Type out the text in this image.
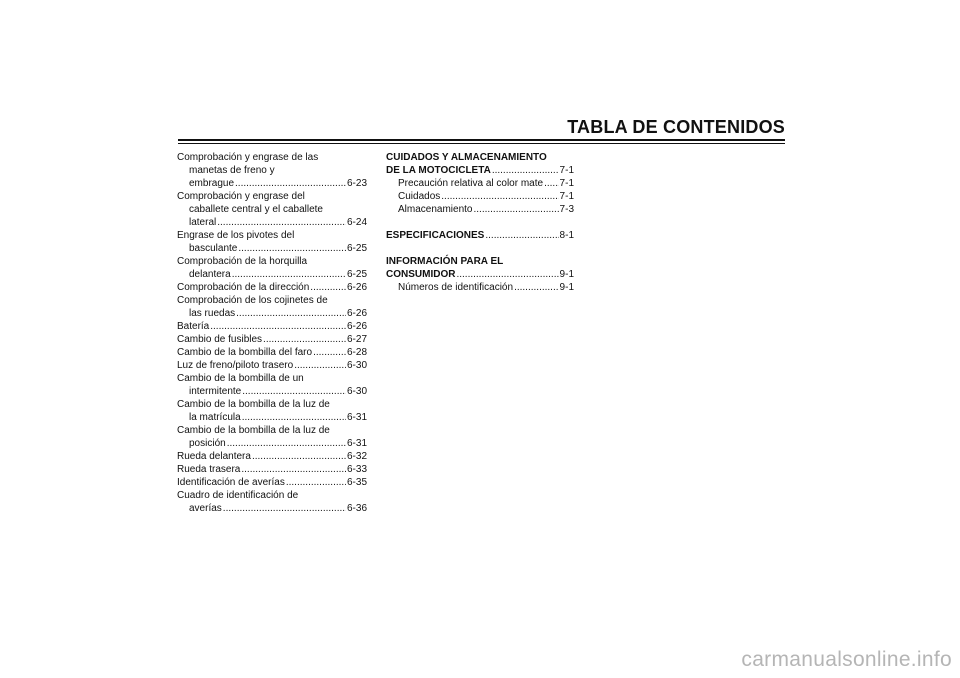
TABLA DE CONTENIDOS
Comprobación y engrase de las
manetas de freno y
embrague .....	6-23
Comprobación y engrase del
caballete central y el caballete
lateral .....	6-24
Engrase de los pivotes del
basculante .....	6-25
Comprobación de la horquilla
delantera .....	6-25
Comprobación de la dirección .....	6-26
Comprobación de los cojinetes de
las ruedas .....	6-26
Batería .....	6-26
Cambio de fusibles .....	6-27
Cambio de la bombilla del faro .....	6-28
Luz de freno/piloto trasero .....	6-30
Cambio de la bombilla de un
intermitente .....	6-30
Cambio de la bombilla de la luz de
la matrícula .....	6-31
Cambio de la bombilla de la luz de
posición .....	6-31
Rueda delantera .....	6-32
Rueda trasera .....	6-33
Identificación de averías .....	6-35
Cuadro de identificación de
averías .....	6-36
CUIDADOS Y ALMACENAMIENTO
DE LA MOTOCICLETA .....	7-1
Precaución relativa al color mate ..... 7-1
Cuidados .....	7-1
Almacenamiento .....	7-3
ESPECIFICACIONES .....	8-1
INFORMACIÓN PARA EL
CONSUMIDOR .....	9-1
Números de identificación .....	9-1
carmanualsonline.info
